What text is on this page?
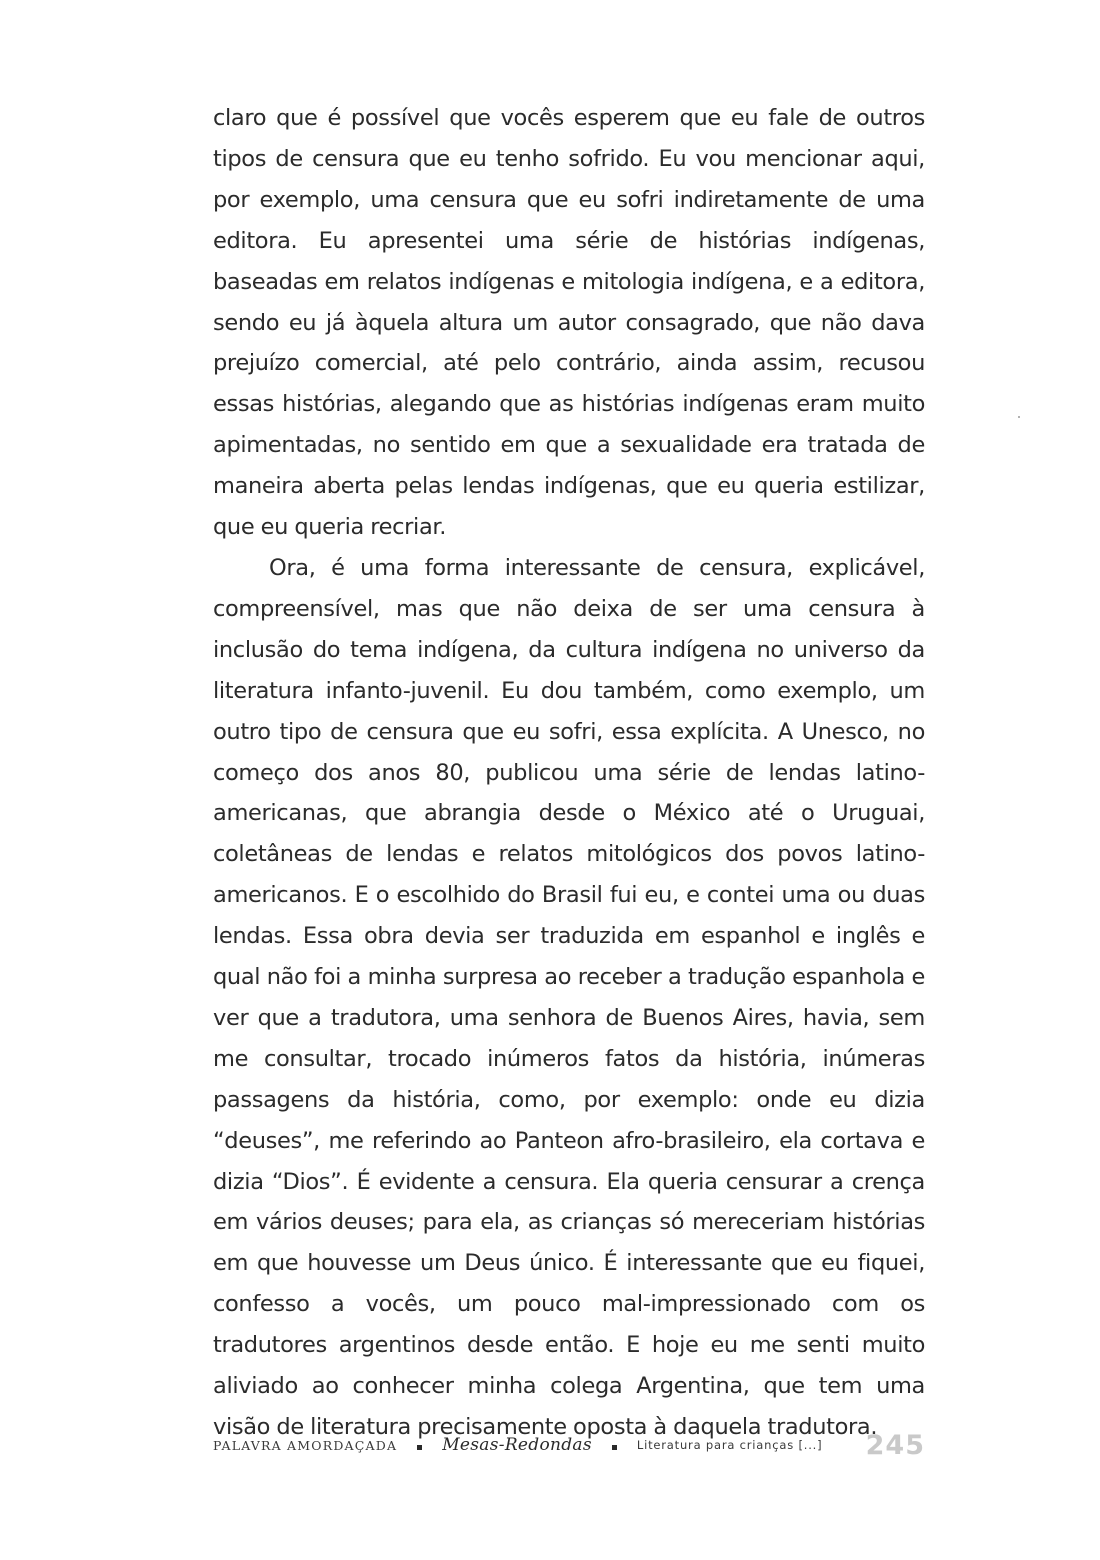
claro que é possível que vocês esperem que eu fale de outros tipos de censura que eu tenho sofrido. Eu vou mencionar aqui, por exemplo, uma censura que eu sofri indiretamente de uma editora. Eu apresentei uma série de histórias indígenas, baseadas em relatos indígenas e mitologia indígena, e a editora, sendo eu já àquela altura um autor consagrado, que não dava prejuízo comercial, até pelo contrário, ainda assim, recusou essas histórias, alegando que as histórias indígenas eram muito apimentadas, no sentido em que a sexualidade era tratada de maneira aberta pelas lendas indígenas, que eu queria estilizar, que eu queria recriar.

Ora, é uma forma interessante de censura, explicável, compreensível, mas que não deixa de ser uma censura à inclusão do tema indígena, da cultura indígena no universo da literatura infanto-juvenil. Eu dou também, como exemplo, um outro tipo de censura que eu sofri, essa explícita. A Unesco, no começo dos anos 80, publicou uma série de lendas latino-americanas, que abrangia desde o México até o Uruguai, coletâneas de lendas e relatos mitológicos dos povos latino-americanos. E o escolhido do Brasil fui eu, e contei uma ou duas lendas. Essa obra devia ser traduzida em espanhol e inglês e qual não foi a minha surpresa ao receber a tradução espanhola e ver que a tradutora, uma senhora de Buenos Aires, havia, sem me consultar, trocado inúmeros fatos da história, inúmeras passagens da história, como, por exemplo: onde eu dizia “deuses”, me referindo ao Panteon afro-brasileiro, ela cortava e dizia “Dios”. É evidente a censura. Ela queria censurar a crença em vários deuses; para ela, as crianças só mereceriam histórias em que houvesse um Deus único. É interessante que eu fiquei, confesso a vocês, um pouco mal-impressionado com os tradutores argentinos desde então. E hoje eu me senti muito aliviado ao conhecer minha colega Argentina, que tem uma visão de literatura precisamente oposta à daquela tradutora.

PALAVRA AMORDAÇADA	Mesas-Redondas	Literatura para crianças [...] 245
